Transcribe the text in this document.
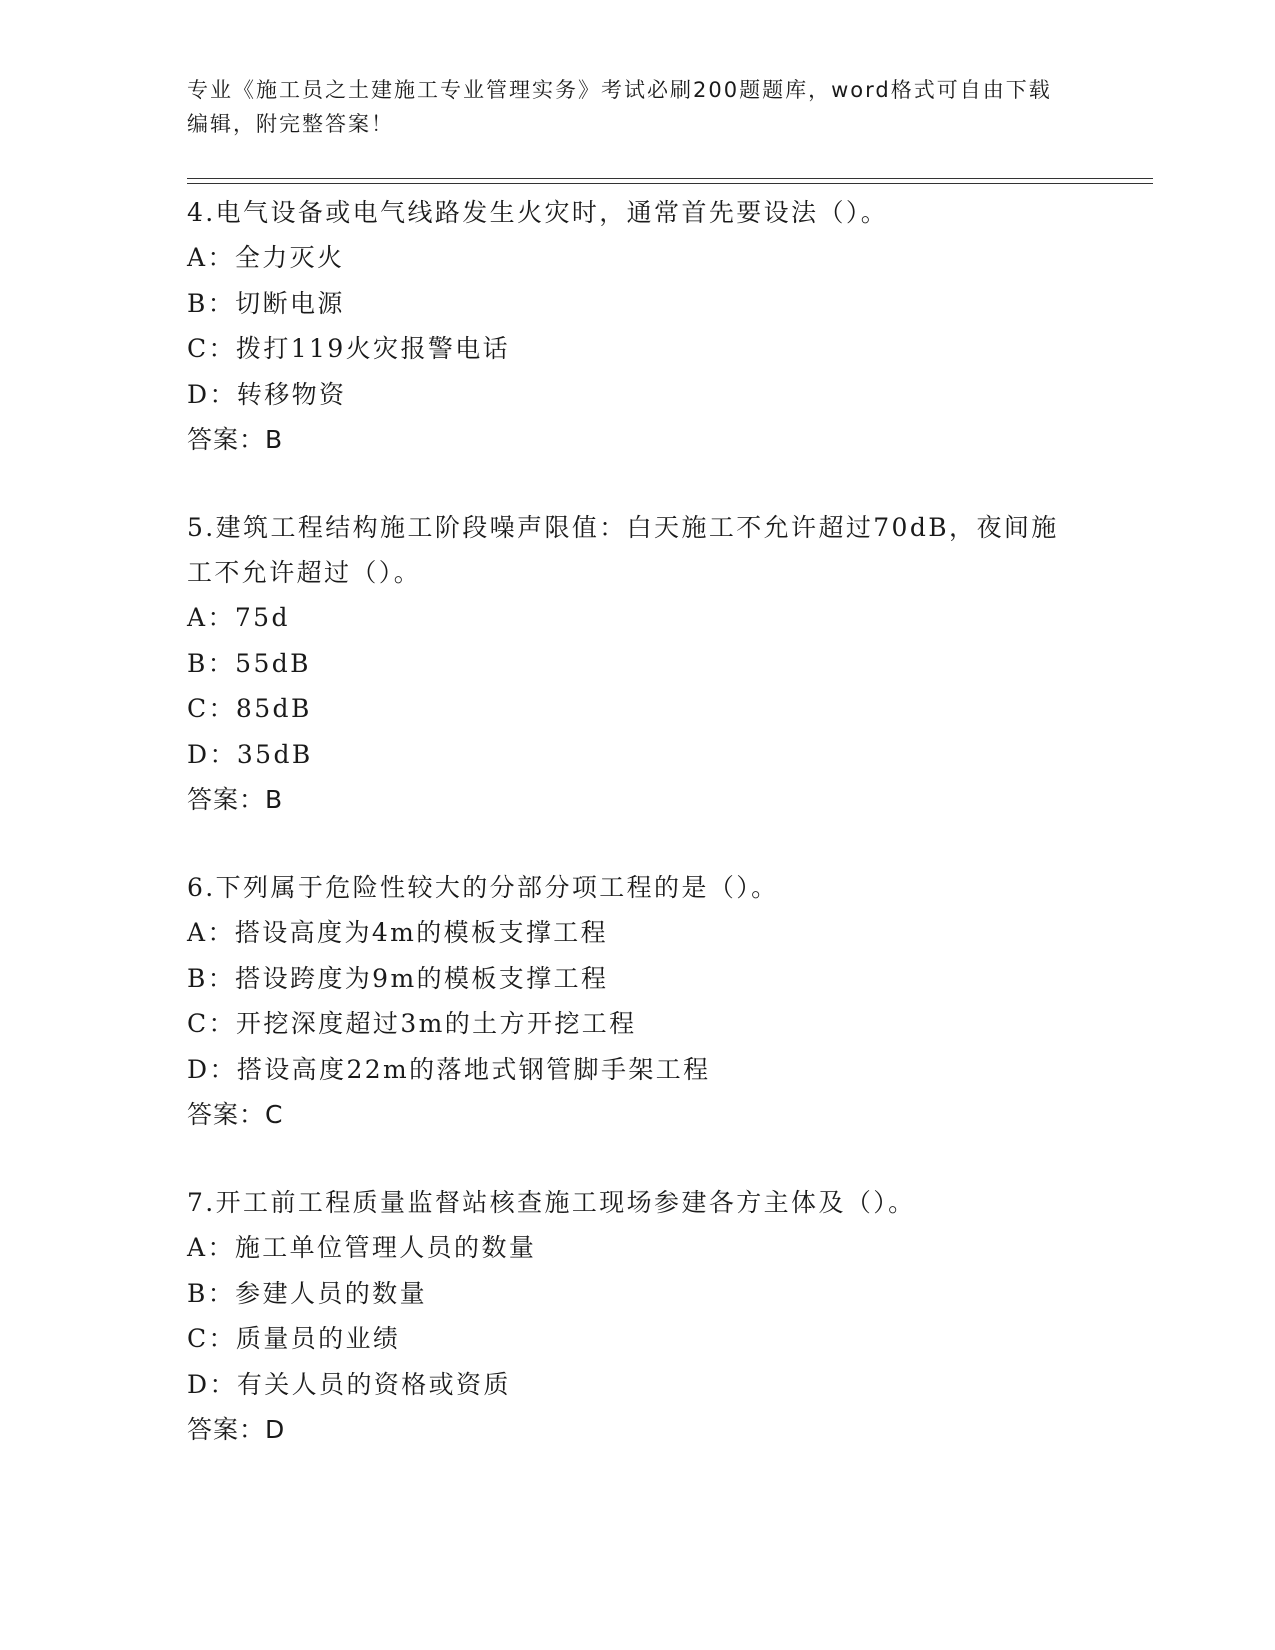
专业《施工员之土建施工专业管理实务》考试必刷200题题库，word格式可自由下载编辑，附完整答案！

4.电气设备或电气线路发生火灾时，通常首先要设法（）。

A：全力灭火

B：切断电源

C：拨打119火灾报警电话

D：转移物资

答案：B

5.建筑工程结构施工阶段噪声限值：白天施工不允许超过70dB，夜间施工不允许超过（）。

A：75d

B：55dB

C：85dB

D：35dB

答案：B

6.下列属于危险性较大的分部分项工程的是（）。

A：搭设高度为4m的模板支撑工程

B：搭设跨度为9m的模板支撑工程

C：开挖深度超过3m的土方开挖工程

D：搭设高度22m的落地式钢管脚手架工程

答案：C

7.开工前工程质量监督站核查施工现场参建各方主体及（）。

A：施工单位管理人员的数量

B：参建人员的数量

C：质量员的业绩

D：有关人员的资格或资质

答案：D
